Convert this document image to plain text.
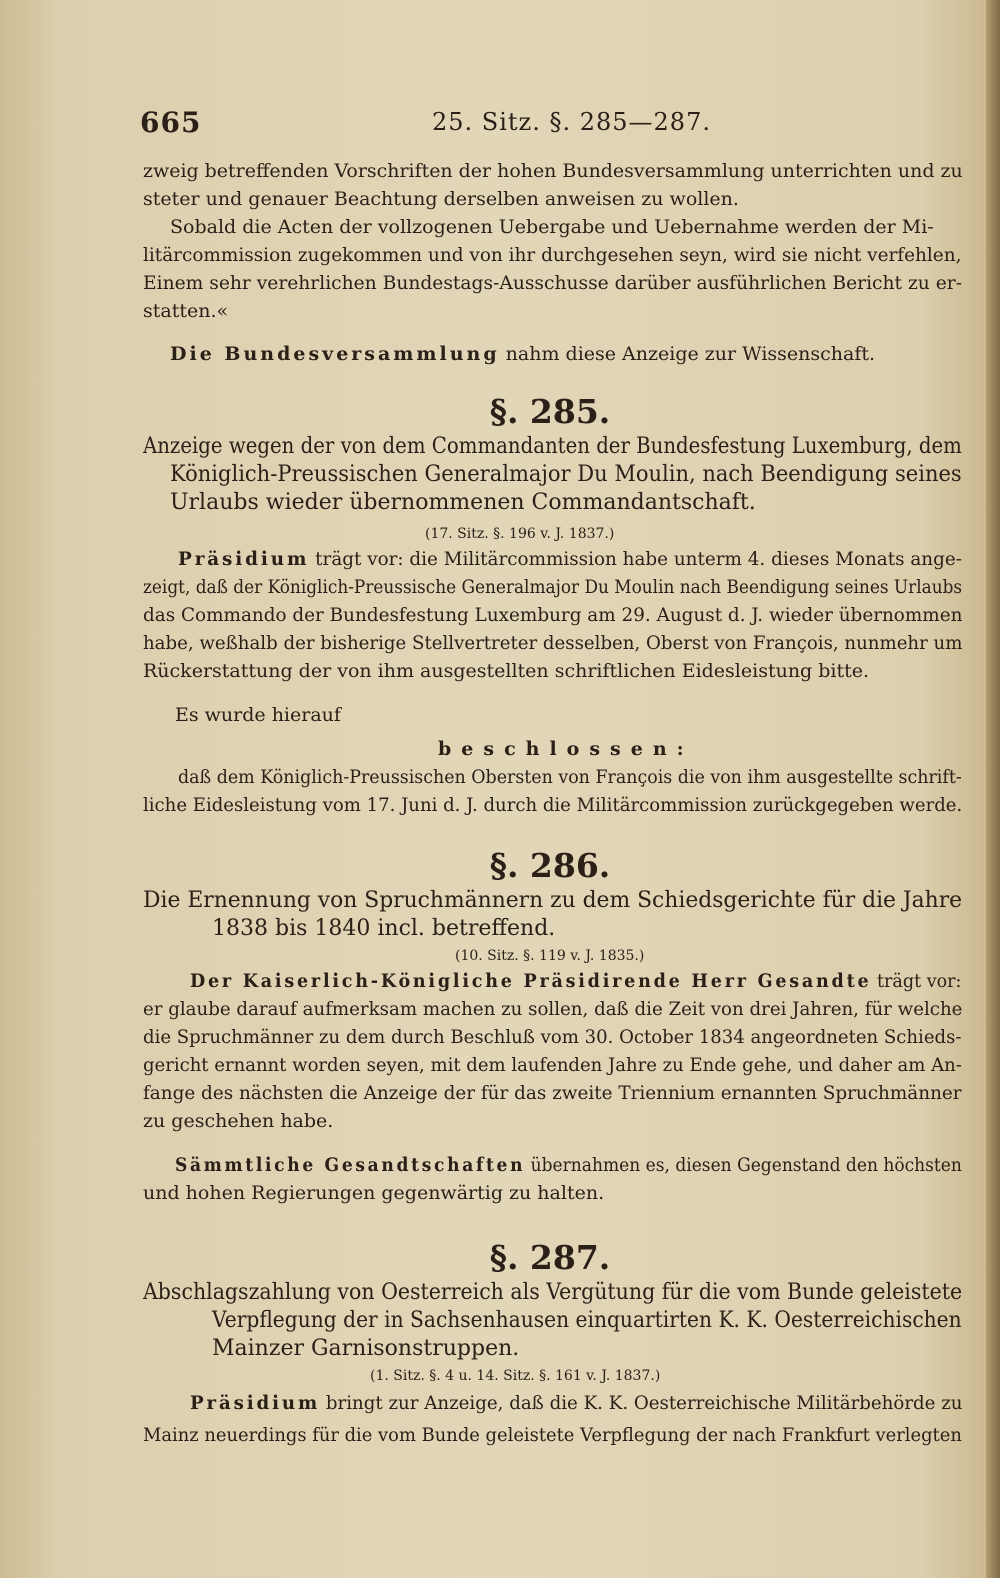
665	25. Sitz. §. 285—287.
zweig betreffenden Vorschriften der hohen Bundesversammlung unterrichten und zu
steter und genauer Beachtung derselben anweisen zu wollen.
Sobald die Acten der vollzogenen Uebergabe und Uebernahme werden der Mi-
litärcommission zugekommen und von ihr durchgesehen seyn, wird sie nicht verfehlen,
Einem sehr verehrlichen Bundestags-Ausschusse darüber ausführlichen Bericht zu er-
statten.«
Die Bundesversammlung nahm diese Anzeige zur Wissenschaft.
§. 285.
Anzeige wegen der von dem Commandanten der Bundesfestung Luxemburg, dem
Königlich-Preussischen Generalmajor Du Moulin, nach Beendigung seines
Urlaubs wieder übernommenen Commandantschaft.
(17. Sitz. §. 196 v. J. 1837.)
Präsidium trägt vor: die Militärcommission habe unterm 4. dieses Monats ange-
zeigt, daß der Königlich-Preussische Generalmajor Du Moulin nach Beendigung seines Urlaubs
das Commando der Bundesfestung Luxemburg am 29. August d. J. wieder übernommen
habe, weßhalb der bisherige Stellvertreter desselben, Oberst von François, nunmehr um
Rückerstattung der von ihm ausgestellten schriftlichen Eidesleistung bitte.
Es wurde hierauf
beschlossen:
daß dem Königlich-Preussischen Obersten von François die von ihm ausgestellte schrift-
liche Eidesleistung vom 17. Juni d. J. durch die Militärcommission zurückgegeben werde.
§. 286.
Die Ernennung von Spruchmännern zu dem Schiedsgerichte für die Jahre
1838 bis 1840 incl. betreffend.
(10. Sitz. §. 119 v. J. 1835.)
Der Kaiserlich-Königliche Präsidirende Herr Gesandte trägt vor:
er glaube darauf aufmerksam machen zu sollen, daß die Zeit von drei Jahren, für welche
die Spruchmänner zu dem durch Beschluß vom 30. October 1834 angeordneten Schieds-
gericht ernannt worden seyen, mit dem laufenden Jahre zu Ende gehe, und daher am An-
fange des nächsten die Anzeige der für das zweite Triennium ernannten Spruchmänner
zu geschehen habe.
Sämmtliche Gesandtschaften übernahmen es, diesen Gegenstand den höchsten
und hohen Regierungen gegenwärtig zu halten.
§. 287.
Abschlagszahlung von Oesterreich als Vergütung für die vom Bunde geleistete
Verpflegung der in Sachsenhausen einquartirten K. K. Oesterreichischen
Mainzer Garnisonstruppen.
(1. Sitz. §. 4 u. 14. Sitz. §. 161 v. J. 1837.)
Präsidium bringt zur Anzeige, daß die K. K. Oesterreichische Militärbehörde zu
Mainz neuerdings für die vom Bunde geleistete Verpflegung der nach Frankfurt verlegten
